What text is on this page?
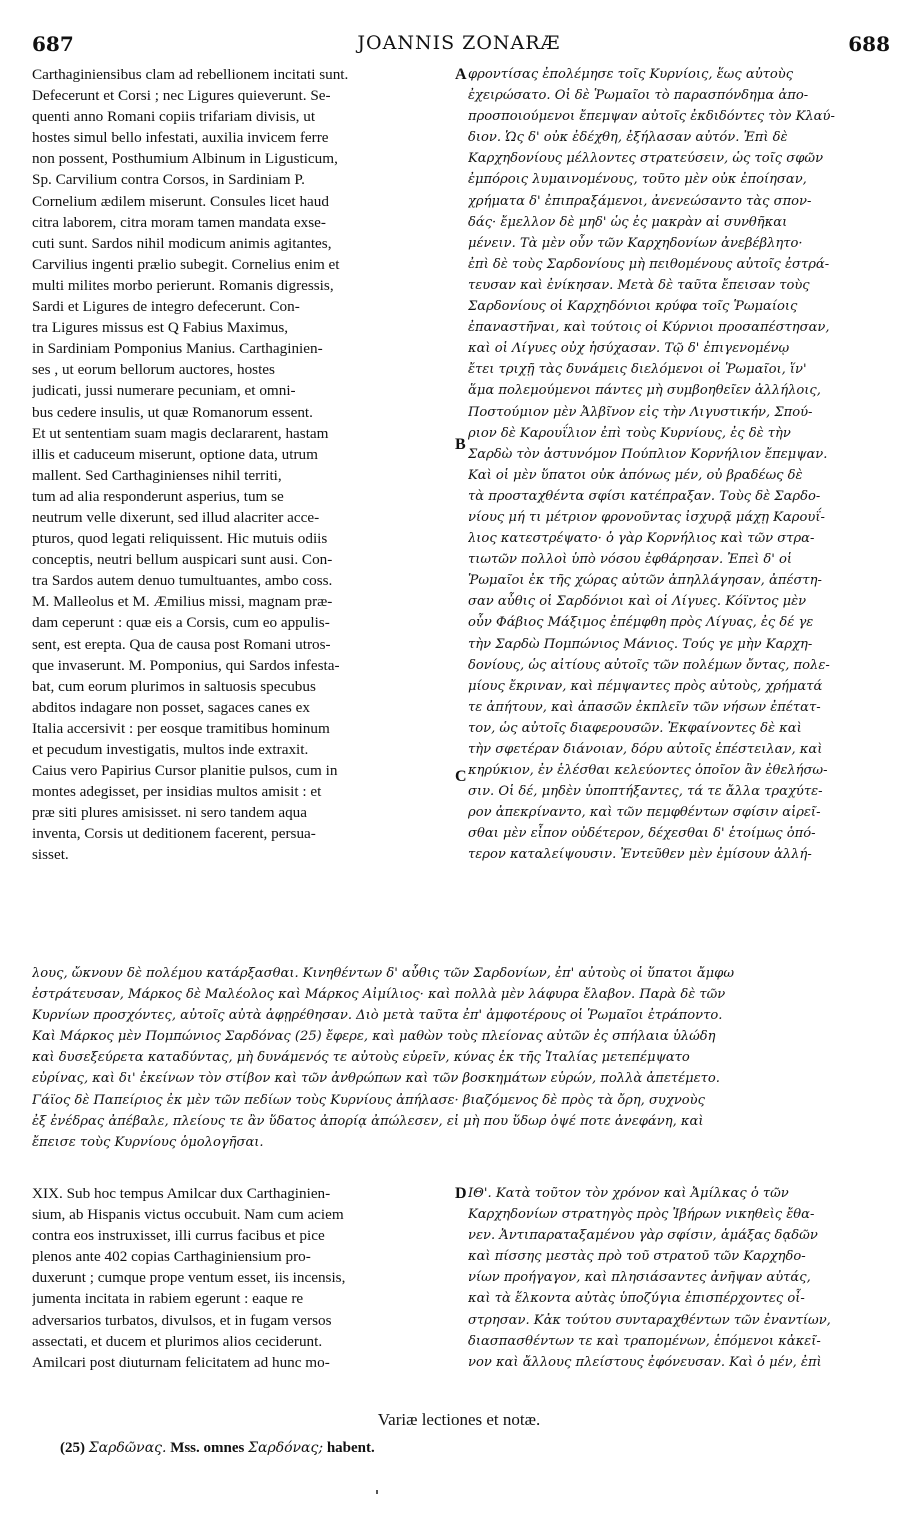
687	JOANNIS ZONARÆ	688
A
B
C
D
Carthaginiensibus clam ad rebellionem incitati sunt.
Defecerunt et Corsi ; nec Ligures quieverunt. Se-
quenti anno Romani copiis trifariam divisis, ut
hostes simul bello infestati, auxilia invicem ferre
non possent, Posthumium Albinum in Ligusticum,
Sp. Carvilium contra Corsos, in Sardiniam P.
Cornelium ædilem miserunt. Consules licet haud
citra laborem, citra moram tamen mandata exse-
cuti sunt. Sardos nihil modicum animis agitantes,
Carvilius ingenti prælio subegit. Cornelius enim et
multi milites morbo perierunt. Romanis digressis,
Sardi et Ligures de integro defecerunt. Con-
tra Ligures missus est Q Fabius Maximus,
in Sardiniam Pomponius Manius. Carthaginien-
ses , ut eorum bellorum auctores, hostes
judicati, jussi numerare pecuniam, et omni-
bus cedere insulis, ut quæ Romanorum essent.
Et ut sententiam suam magis declararent, hastam
illis et caduceum miserunt, optione data, utrum
mallent. Sed Carthaginienses nihil territi,
tum ad alia responderunt asperius, tum se
neutrum velle dixerunt, sed illud alacriter acce-
pturos, quod legati reliquissent. Hic mutuis odiis
conceptis, neutri bellum auspicari sunt ausi. Con-
tra Sardos autem denuo tumultuantes, ambo coss.
M. Malleolus et M. Æmilius missi, magnam præ-
dam ceperunt : quæ eis a Corsis, cum eo appulis-
sent, est erepta. Qua de causa post Romani utros-
que invaserunt. M. Pomponius, qui Sardos infesta-
bat, cum eorum plurimos in saltuosis specubus
abditos indagare non posset, sagaces canes ex
Italia accersivit : per eosque tramitibus hominum
et pecudum investigatis, multos inde extraxit.
Caius vero Papirius Cursor planitie pulsos, cum in
montes adegisset, per insidias multos amisit : et
præ siti plures amisisset. ni sero tandem aqua
inventa, Corsis ut deditionem facerent, persua-
sisset.
φροντίσας ἐπολέμησε τοῖς Κυρνίοις, ἕως αὐτοὺς
ἐχειρώσατο. Οἱ δὲ Ῥωμαῖοι τὸ παρασπόνδημα ἀπο-
προσποιούμενοι ἔπεμψαν αὐτοῖς ἐκδιδόντες τὸν Κλαύ-
διον. Ὡς δ' οὐκ ἐδέχθη, ἐξήλασαν αὐτόν. Ἐπὶ δὲ
Καρχηδονίους μέλλοντες στρατεύσειν, ὡς τοῖς σφῶν
ἐμπόροις λυμαινομένους, τοῦτο μὲν οὐκ ἐποίησαν,
χρήματα δ' ἐπιπραξάμενοι, ἀνενεώσαντο τὰς σπον-
δάς· ἔμελλον δὲ μηδ' ὡς ἐς μακρὰν αἱ συνθῆκαι
μένειν. Τὰ μὲν οὖν τῶν Καρχηδονίων ἀνεβέβλητο·
ἐπὶ δὲ τοὺς Σαρδονίους μὴ πειθομένους αὐτοῖς ἐστρά-
τευσαν καὶ ἐνίκησαν. Μετὰ δὲ ταῦτα ἔπεισαν τοὺς
Σαρδονίους οἱ Καρχηδόνιοι κρύφα τοῖς Ῥωμαίοις
ἐπαναστῆναι, καὶ τούτοις οἱ Κύρνιοι προσαπέστησαν,
καὶ οἱ Λίγυες οὐχ ἡσύχασαν. Τῷ δ' ἐπιγενομένῳ
ἔτει τριχῇ τὰς δυνάμεις διελόμενοι οἱ Ῥωμαῖοι, ἵν'
ἅμα πολεμούμενοι πάντες μὴ συμβοηθεῖεν ἀλλήλοις,
Ποστούμιον μὲν Ἀλβῖνον εἰς τὴν Λιγυστικήν, Σπού-
ριον δὲ Καρουΐλιον ἐπὶ τοὺς Κυρνίους, ἐς δὲ τὴν
Σαρδὼ τὸν ἀστυνόμον Πούπλιον Κορνήλιον ἔπεμψαν.
Καὶ οἱ μὲν ὕπατοι οὐκ ἀπόνως μέν, οὐ βραδέως δὲ
τὰ προσταχθέντα σφίσι κατέπραξαν. Τοὺς δὲ Σαρδο-
νίους μή τι μέτριον φρονοῦντας ἰσχυρᾷ μάχῃ Καρουΐ-
λιος κατεστρέψατο· ὁ γὰρ Κορνήλιος καὶ τῶν στρα-
τιωτῶν πολλοὶ ὑπὸ νόσου ἐφθάρησαν. Ἐπεὶ δ' οἱ
Ῥωμαῖοι ἐκ τῆς χώρας αὐτῶν ἀπηλλάγησαν, ἀπέστη-
σαν αὖθις οἱ Σαρδόνιοι καὶ οἱ Λίγυες. Κόϊντος μὲν
οὖν Φάβιος Μάξιμος ἐπέμφθη πρὸς Λίγυας, ἐς δέ γε
τὴν Σαρδὼ Πομπώνιος Μάνιος. Τούς γε μὴν Καρχη-
δονίους, ὡς αἰτίους αὐτοῖς τῶν πολέμων ὄντας, πολε-
μίους ἔκριναν, καὶ πέμψαντες πρὸς αὐτοὺς, χρήματά
τε ἀπήτουν, καὶ ἁπασῶν ἐκπλεῖν τῶν νήσων ἐπέτατ-
τον, ὡς αὐτοῖς διαφερουσῶν. Ἐκφαίνοντες δὲ καὶ
τὴν σφετέραν διάνοιαν, δόρυ αὐτοῖς ἐπέστειλαν, καὶ
κηρύκιον, ἐν ἑλέσθαι κελεύοντες ὁποῖον ἂν ἐθελήσω-
σιν. Οἱ δέ, μηδὲν ὑποπτήξαντες, τά τε ἄλλα τραχύτε-
ρον ἀπεκρίναντο, καὶ τῶν πεμφθέντων σφίσιν αἱρεῖ-
σθαι μὲν εἶπον οὐδέτερον, δέχεσθαι δ' ἑτοίμως ὁπό-
τερον καταλείψουσιν. Ἐντεῦθεν μὲν ἐμίσουν ἀλλή-
λους, ὤκνουν δὲ πολέμου κατάρξασθαι. Κινηθέντων δ' αὖθις τῶν Σαρδονίων, ἐπ' αὐτοὺς οἱ ὕπατοι ἄμφω
ἐστράτευσαν, Μάρκος δὲ Μαλέολος καὶ Μάρκος Αἰμίλιος· καὶ πολλὰ μὲν λάφυρα ἔλαβον. Παρὰ δὲ τῶν
Κυρνίων προσχόντες, αὐτοῖς αὐτὰ ἀφῃρέθησαν. Διὸ μετὰ ταῦτα ἐπ' ἀμφοτέρους οἱ Ῥωμαῖοι ἐτράποντο.
Καὶ Μάρκος μὲν Πομπώνιος Σαρδόνας (25) ἔφερε, καὶ μαθὼν τοὺς πλείονας αὐτῶν ἐς σπήλαια ὑλώδη
καὶ δυσεξεύρετα καταδύντας, μὴ δυνάμενός τε αὐτοὺς εὑρεῖν, κύνας ἐκ τῆς Ἰταλίας μετεπέμψατο
εὐρίνας, καὶ δι' ἐκείνων τὸν στίβον καὶ τῶν ἀνθρώπων καὶ τῶν βοσκημάτων εὑρών, πολλὰ ἀπετέμετο.
Γάϊος δὲ Παπείριος ἐκ μὲν τῶν πεδίων τοὺς Κυρνίους ἀπήλασε· βιαζόμενος δὲ πρὸς τὰ ὄρη, συχνοὺς
ἐξ ἐνέδρας ἀπέβαλε, πλείους τε ἂν ὕδατος ἀπορίᾳ ἀπώλεσεν, εἰ μὴ που ὕδωρ ὀψέ ποτε ἀνεφάνη, καὶ
ἔπεισε τοὺς Κυρνίους ὁμολογῆσαι.
XIX. Sub hoc tempus Amilcar dux Carthaginien-
sium, ab Hispanis victus occubuit. Nam cum aciem
contra eos instruxisset, illi currus facibus et pice
plenos ante 402 copias Carthaginiensium pro-
duxerunt ; cumque prope ventum esset, iis incensis,
jumenta incitata in rabiem egerunt : eaque re
adversarios turbatos, divulsos, et in fugam versos
assectati, et ducem et plurimos alios ceciderunt.
Amilcari post diuturnam felicitatem ad hunc mo-
ΙΘ'. Κατὰ τοῦτον τὸν χρόνον καὶ Ἀμίλκας ὁ τῶν
Καρχηδονίων στρατηγὸς πρὸς Ἰβήρων νικηθεὶς ἔθα-
νεν. Ἀντιπαραταξαμένου γὰρ σφίσιν, ἁμάξας δᾳδῶν
καὶ πίσσης μεστὰς πρὸ τοῦ στρατοῦ τῶν Καρχηδο-
νίων προήγαγον, καὶ πλησιάσαντες ἀνῆψαν αὐτάς,
καὶ τὰ ἕλκοντα αὐτὰς ὑποζύγια ἐπισπέρχοντες οἶ-
στρησαν. Κἀκ τούτου συνταραχθέντων τῶν ἐναντίων,
διασπασθέντων τε καὶ τραπομένων, ἑπόμενοι κἀκεῖ-
νον καὶ ἄλλους πλείστους ἐφόνευσαν. Καὶ ὁ μέν, ἐπὶ
Variæ lectiones et notæ.
(25) Σαρδῶνας. Mss. omnes Σαρδόνας; habent.
